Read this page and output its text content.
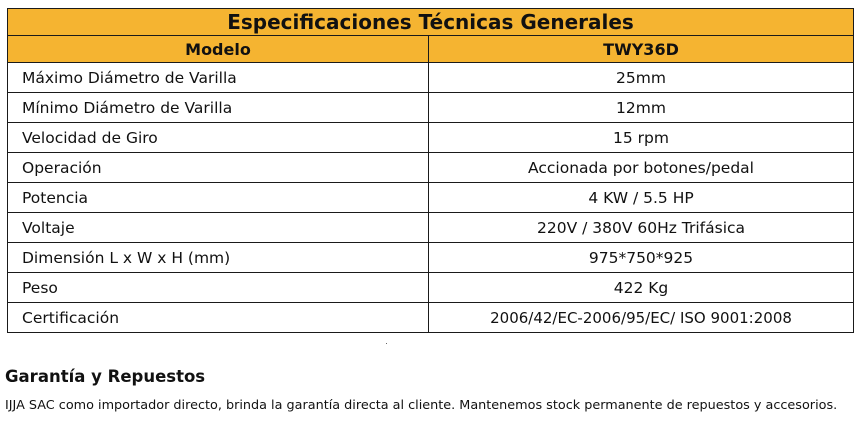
Especificaciones Técnicas Generales	
Modelo	TWY36D
Máximo Diámetro de Varilla	25mm
Mínimo Diámetro de Varilla	12mm
Velocidad de Giro	15 rpm
Operación	Accionada por botones/pedal
Potencia	4 KW / 5.5 HP
Voltaje	220V / 380V 60Hz Trifásica
Dimensión L x W x H (mm)	975*750*925
Peso	422 Kg
Certificación	2006/42/EC-2006/95/EC/ ISO 9001:2008
Garantía y Repuestos

IJJA SAC como importador directo, brinda la garantía directa al cliente. Mantenemos stock permanente de repuestos y accesorios.
